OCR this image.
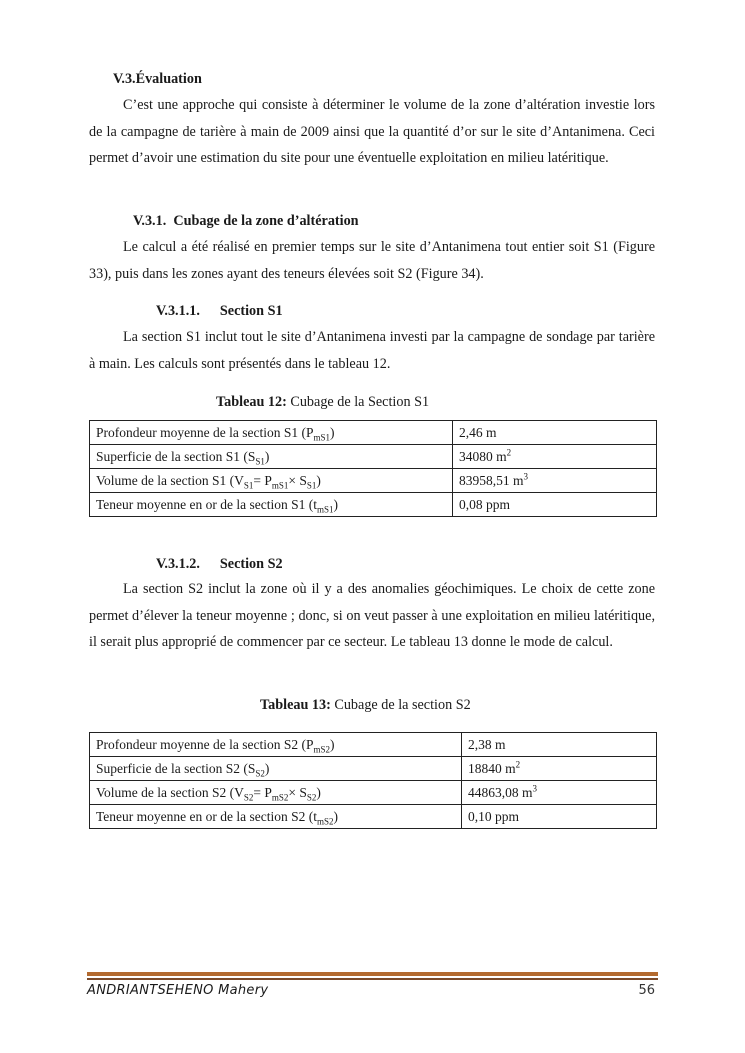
V.3.Évaluation

C’est une approche qui consiste à déterminer le volume de la zone d’altération investie lors de la campagne de tarière à main de 2009 ainsi que la quantité d’or sur le site d’Antanimena. Ceci permet d’avoir une estimation du site pour une éventuelle exploitation en milieu latéritique.

V.3.1. Cubage de la zone d’altération

Le calcul a été réalisé en premier temps sur le site d’Antanimena tout entier soit S1 (Figure 33), puis dans les zones ayant des teneurs élevées soit S2 (Figure 34).

V.3.1.1. Section S1

La section S1 inclut tout le site d’Antanimena investi par la campagne de sondage par tarière à main. Les calculs sont présentés dans le tableau 12.

Tableau 12: Cubage de la Section S1

Profondeur moyenne de la section S1 $(P_{mS1})$	2,46 m
Superficie de la section S1 $(S_{S1})$	34080 $m^2$
Volume de la section S1 $(V_{S1}= P_{mS1}\times S_{S1})$	83958,51 $m^3$
Teneur moyenne en or de la section S1 $(t_{mS1})$	0,08 ppm
V.3.1.2. Section S2

La section S2 inclut la zone où il y a des anomalies géochimiques. Le choix de cette zone permet d’élever la teneur moyenne ; donc, si on veut passer à une exploitation en milieu latéritique, il serait plus approprié de commencer par ce secteur. Le tableau 13 donne le mode de calcul.

Tableau 13: Cubage de la section S2

Profondeur moyenne de la section S2 $(P_{mS2})$	2,38 m
Superficie de la section S2 $(S_{S2})$	18840 $m^2$
Volume de la section S2 $(V_{S2}= P_{mS2}\times S_{S2})$	44863,08 $m^3$
Teneur moyenne en or de la section S2 $(t_{mS2})$	0,10 ppm
ANDRIANTSEHENO Mahery	56
